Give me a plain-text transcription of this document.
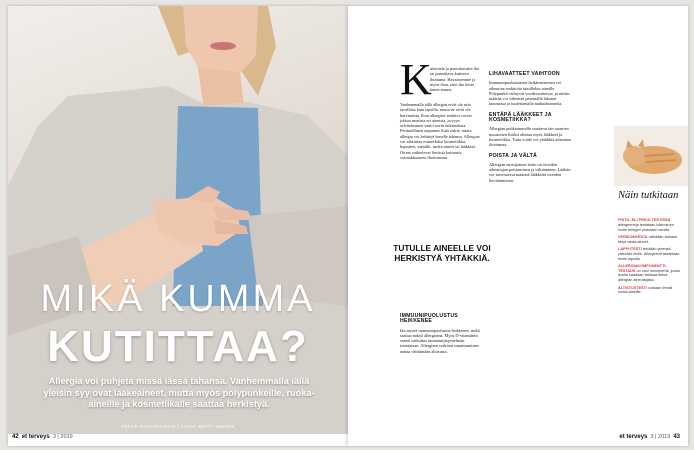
MIKÄ KUMMA
KUTITTAA?
Allergia voi puhjeta missä iässä tahansa. Vanhemmalla iällä yleisin syy ovat lääkeaineet, mutta myös pölypunkeille, ruoka-aineille ja kosmetiikalle saattaa herkistyä.
TEKSTI PAULIINA RASI | KUVAT GETTY IMAGES
42 et terveys 3 | 2019
K
utiavatte ja punoittavatte iho tai punoittava kutiseva ihottuma. Havaitsemme ja myös ihon, ettei iho kestä kuten ennen.

Vanhemmalla iällä allergiat eivät ole niin tavallisia kuin lapsilla, mutta ne eivät ole harvinaisia. Ihon allergiset reaktiot voivat johtua monista eri aineista, ja syyn selvittäminen vaatii usein tutkimuksia. Perinnöllinen taipumus lisää riskiä, mutta allergia voi kehittyä kenelle tahansa. Allergiaa voi aiheuttaa esimerkiksi kosmetiikka, hajusteet, metallit, ruoka-aineet tai lääkkeet. Oireet vaihtelevat lievästä kutinasta voimakkaaseen ihottumaan.

TUTULLE AINEELLE VOI HERKISTYÄ YHTÄKKIÄ.
IMMUUNIPUOLUSTUS HEIKKENEE

Iän myötä immuunipuolustus heikkenee, mikä saattaa näkyä allergioina. Myös D-vitamiinin saanti vaikuttaa immuunijärjestelmän toimintaan. Allergisen reaktion tunnistaminen auttaa välttämään altistusta.

LIHAVAATTEET VAIHTOON

Immuunipuolustuksen heikkeneminen voi aiheuttaa reaktioita tutuillekin aineille. Pölypunkit viihtyvät vuodevaatteissa, ja niiden määrää voi vähentää pesemällä lakanat kuumassa ja tuulettamalla makuuhuonetta.

ENTÄPÄ LÄÄKKEET JA KOSMETIIKKA?

Allergian puhkeamiselle saattavat iän tuomien muutosten lisäksi altistaa myös lääkkeet ja kosmetiikka. Tuttu voide voi yhtäkkiä aiheuttaa ihottumaa.

POISTA JA VÄLTÄ

Allergian ensisijainen hoito on oireiden aiheuttajan poistaminen ja välttäminen. Lääkäri voi tarvittaessa määrätä lääkkeitä oireiden lievittämiseen.

Näin tutkitaan

PISTO- ELI PRICK-TESTISSÄ allergeeneja testataan käsivarren iholle tehtyjen pistosten kautta.

VERIKOKEESTA nähdään tarkasti tietyt vasta-aineet.

LAPPUTESTI tehdään yleensä yläselän iholle. Allergeenit asetetaan iholle lapuilla.

ALLERGIAKOMPONENTTI-TESTAUS on uusi menetelmä, jonka avulla saadaan tarkkaa tietoa allergian aiheuttajista.

ALTISTUSTESTI voidaan tehdä ruoka-aineille.

et terveys 3 | 2019 43
